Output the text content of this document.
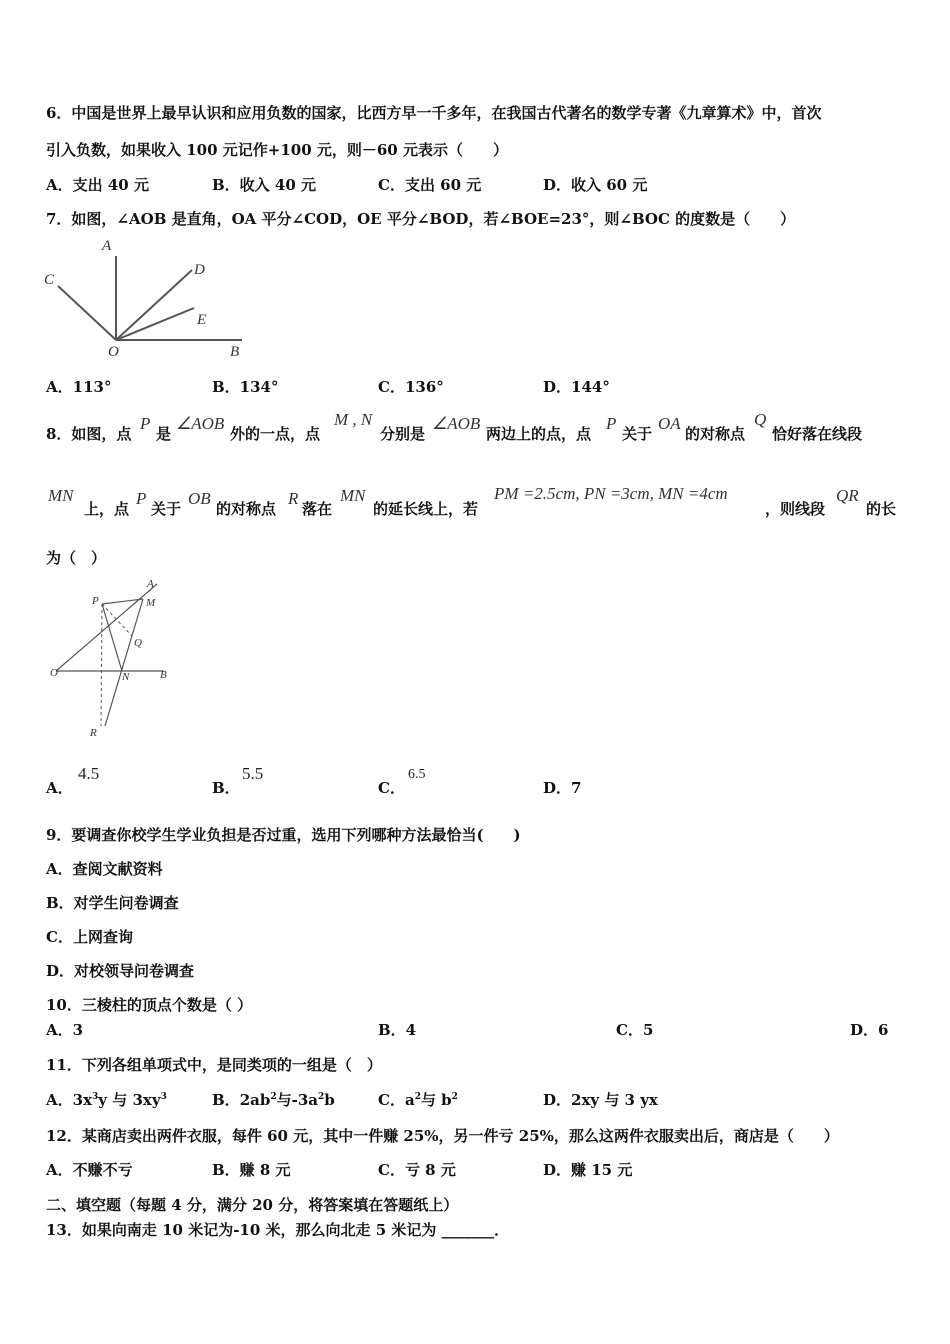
6．中国是世界上最早认识和应用负数的国家，比西方早一千多年，在我国古代著名的数学专著《九章算术》中，首次
引入负数，如果收入 100 元记作+100 元，则－60 元表示（　　）
A．支出 40 元	B．收入 40 元	C．支出 60 元	D．收入 60 元
7．如图，∠AOB 是直角，OA 平分∠COD，OE 平分∠BOD，若∠BOE=23°，则∠BOC 的度数是（　　）
A
C
D
E
O	B
A．113°	B．134°	C．136°	D．144°
8．如图，点
P
是
∠AOB
外的一点，点
M , N
分别是
∠AOB
两边上的点，点
P
关于
OA
的对称点
Q
恰好落在线段
MN
上，点
P
关于
OB
的对称点
R
落在
MN
的延长线上，若
PM =2.5cm, PN =3cm, MN =4cm
，则线段
QR
的长
为（　）
P
A
M
Q
O	N	B
R
A．
4.5
B．
5.5
C．
6.5
D．7
9．要调查你校学生学业负担是否过重，选用下列哪种方法最恰当(　　)
A．查阅文献资料
B．对学生问卷调查
C．上网查询
D．对校领导问卷调查
10．三棱柱的顶点个数是（ ）
A．3	B．4	C．5	D．6
11．下列各组单项式中，是同类项的一组是（　）
A．$3x^3y$ 与 $3xy^3$	B．$2ab^2$与$-3a^2b$	C．$a^2$与 $b^2$	D．2xy 与 3 yx
12．某商店卖出两件衣服，每件 60 元，其中一件赚 25%，另一件亏 25%，那么这两件衣服卖出后，商店是（　　）
A．不赚不亏	B．赚 8 元	C．亏 8 元	D．赚 15 元
二、填空题（每题 4 分，满分 20 分，将答案填在答题纸上）
13．如果向南走 10 米记为-10 米，那么向北走 5 米记为 _______．
